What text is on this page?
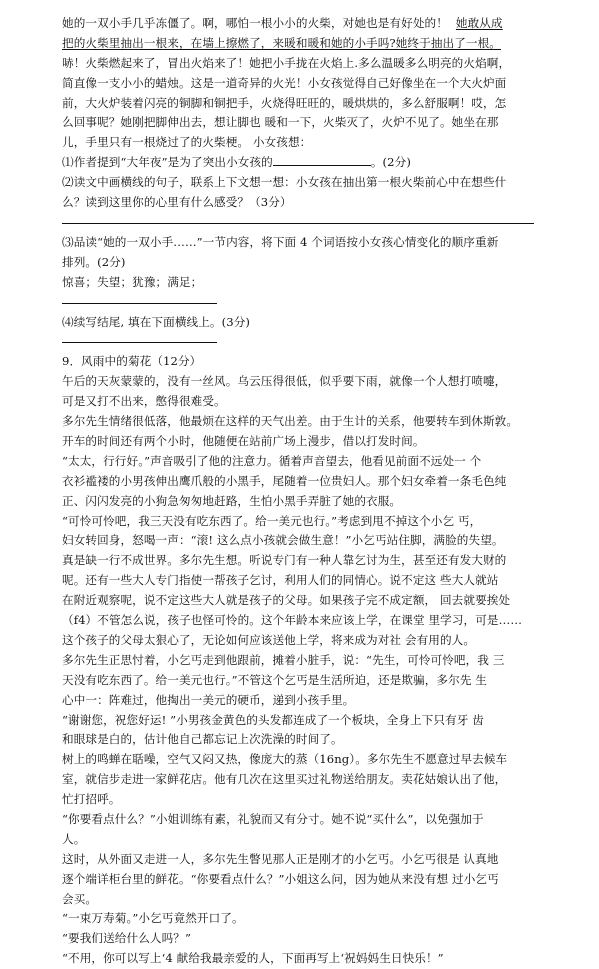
她的一双小手几乎冻僵了。啊，哪怕一根小小的火柴，对她也是有好处的！ 她敢从成
把的火柴里抽出一根来，在墙上擦燃了，来暖和暖和她的小手吗?她终于抽出了一根。
哧！火柴燃起来了，冒出火焰来了！她把小手拢在火焰上.多么温暖多么明亮的火焰啊，
简直像一支小小的蜡烛。这是一道奇异的火光！小女孩觉得自己好像坐在一个大火炉面
前，大火炉装着闪亮的铜脚和铜把手，火烧得旺旺的，暖烘烘的，多么舒服啊！哎，怎
么回事呢？她刚把脚伸出去，想让脚也 暖和一下，火柴灭了，火炉不见了。她坐在那
儿，手里只有一根烧过了的火柴梗。 小女孩想：
⑴作者提到“大年夜”是为了突出小女孩的	。(2分)
⑵读文中画横线的句子，联系上下文想一想：小女孩在抽出第一根火柴前心中在想些什
么？读到这里你的心里有什么感受？（3分）
⑶品读“她的一双小手……”一节内容，将下面 4 个词语按小女孩心情变化的顺序重新
排列。(2分)
惊喜；失望；犹豫；满足；
⑷续写结尾, 填在下面横线上。(3分)
9．风雨中的菊花（12分）
午后的天灰蒙蒙的，没有一丝风。乌云压得很低，似乎要下雨，就像一个人想打喷嚏，
可是又打不出来，憋得很难受。
多尔先生情绪很低落，他最烦在这样的天气出差。由于生计的关系，他要转车到休斯敦。
开车的时间还有两个小时，他随便在站前广场上漫步，借以打发时间。
“太太，行行好。”声音吸引了他的注意力。循着声音望去，他看见前面不远处一 个
衣衫褴褛的小男孩伸出鹰爪般的小黑手，尾随着一位贵妇人。那个妇女牵着一条毛色纯
正、闪闪发亮的小狗急匆匆地赶路，生怕小黑手弄脏了她的衣服。
“可怜可怜吧，我三天没有吃东西了。给一美元也行。”考虑到甩不掉这个小乞 丐，
妇女转回身，怒喝一声：“滚! 这么点小孩就会做生意！”小乞丐站住脚，满脸的失望。
真是缺一行不成世界。多尔先生想。听说专门有一种人靠乞讨为生，甚至还有发大财的
呢。还有一些大人专门指使一帮孩子乞讨，利用人们的同情心。说不定这 些大人就站
在附近观察呢，说不定这些大人就是孩子的父母。如果孩子完不成定额， 回去就要挨处
（f4）不管怎么说，孩子也怪可怜的。这个年龄本来应该上学，在课堂 里学习，可是……
这个孩子的父母太狠心了，无论如何应该送他上学，将来成为对社 会有用的人。
多尔先生正思忖着，小乞丐走到他跟前，摊着小脏手，说：“先生，可怜可怜吧，我 三
天没有吃东西了。给一美元也行。”不管这个乞丐是生活所迫，还是欺骗，多尔先 生
心中一：阵难过，他掏出一美元的硬币，递到小孩手里。
“谢谢您，祝您好运! ”小男孩金黄色的头发都连成了一个板块，全身上下只有牙 齿
和眼球是白的，估计他自己都忘记上次洗澡的时间了。
树上的鸣蝉在聒噪，空气又闷又热，像庞大的蒸（16ng）。多尔先生不愿意过早去候车
室，就信步走进一家鲜花店。他有几次在这里买过礼物送给朋友。卖花姑娘认出了他，
忙打招呼。
“你要看点什么？”小姐训练有素，礼貌而又有分寸。她不说“买什么”，以免强加于
人。
这时，从外面又走进一人，多尔先生瞥见那人正是刚才的小乞丐。小乞丐很是 认真地
逐个端详柜台里的鲜花。“你要看点什么？”小姐这么问，因为她从来没有想 过小乞丐
会买。
“一束万寿菊。”小乞丐竟然开口了。
“要我们送给什么人吗？”
“不用，你可以写上‘4 献给我最亲爱的人，下面再写上‘祝妈妈生日快乐！”
